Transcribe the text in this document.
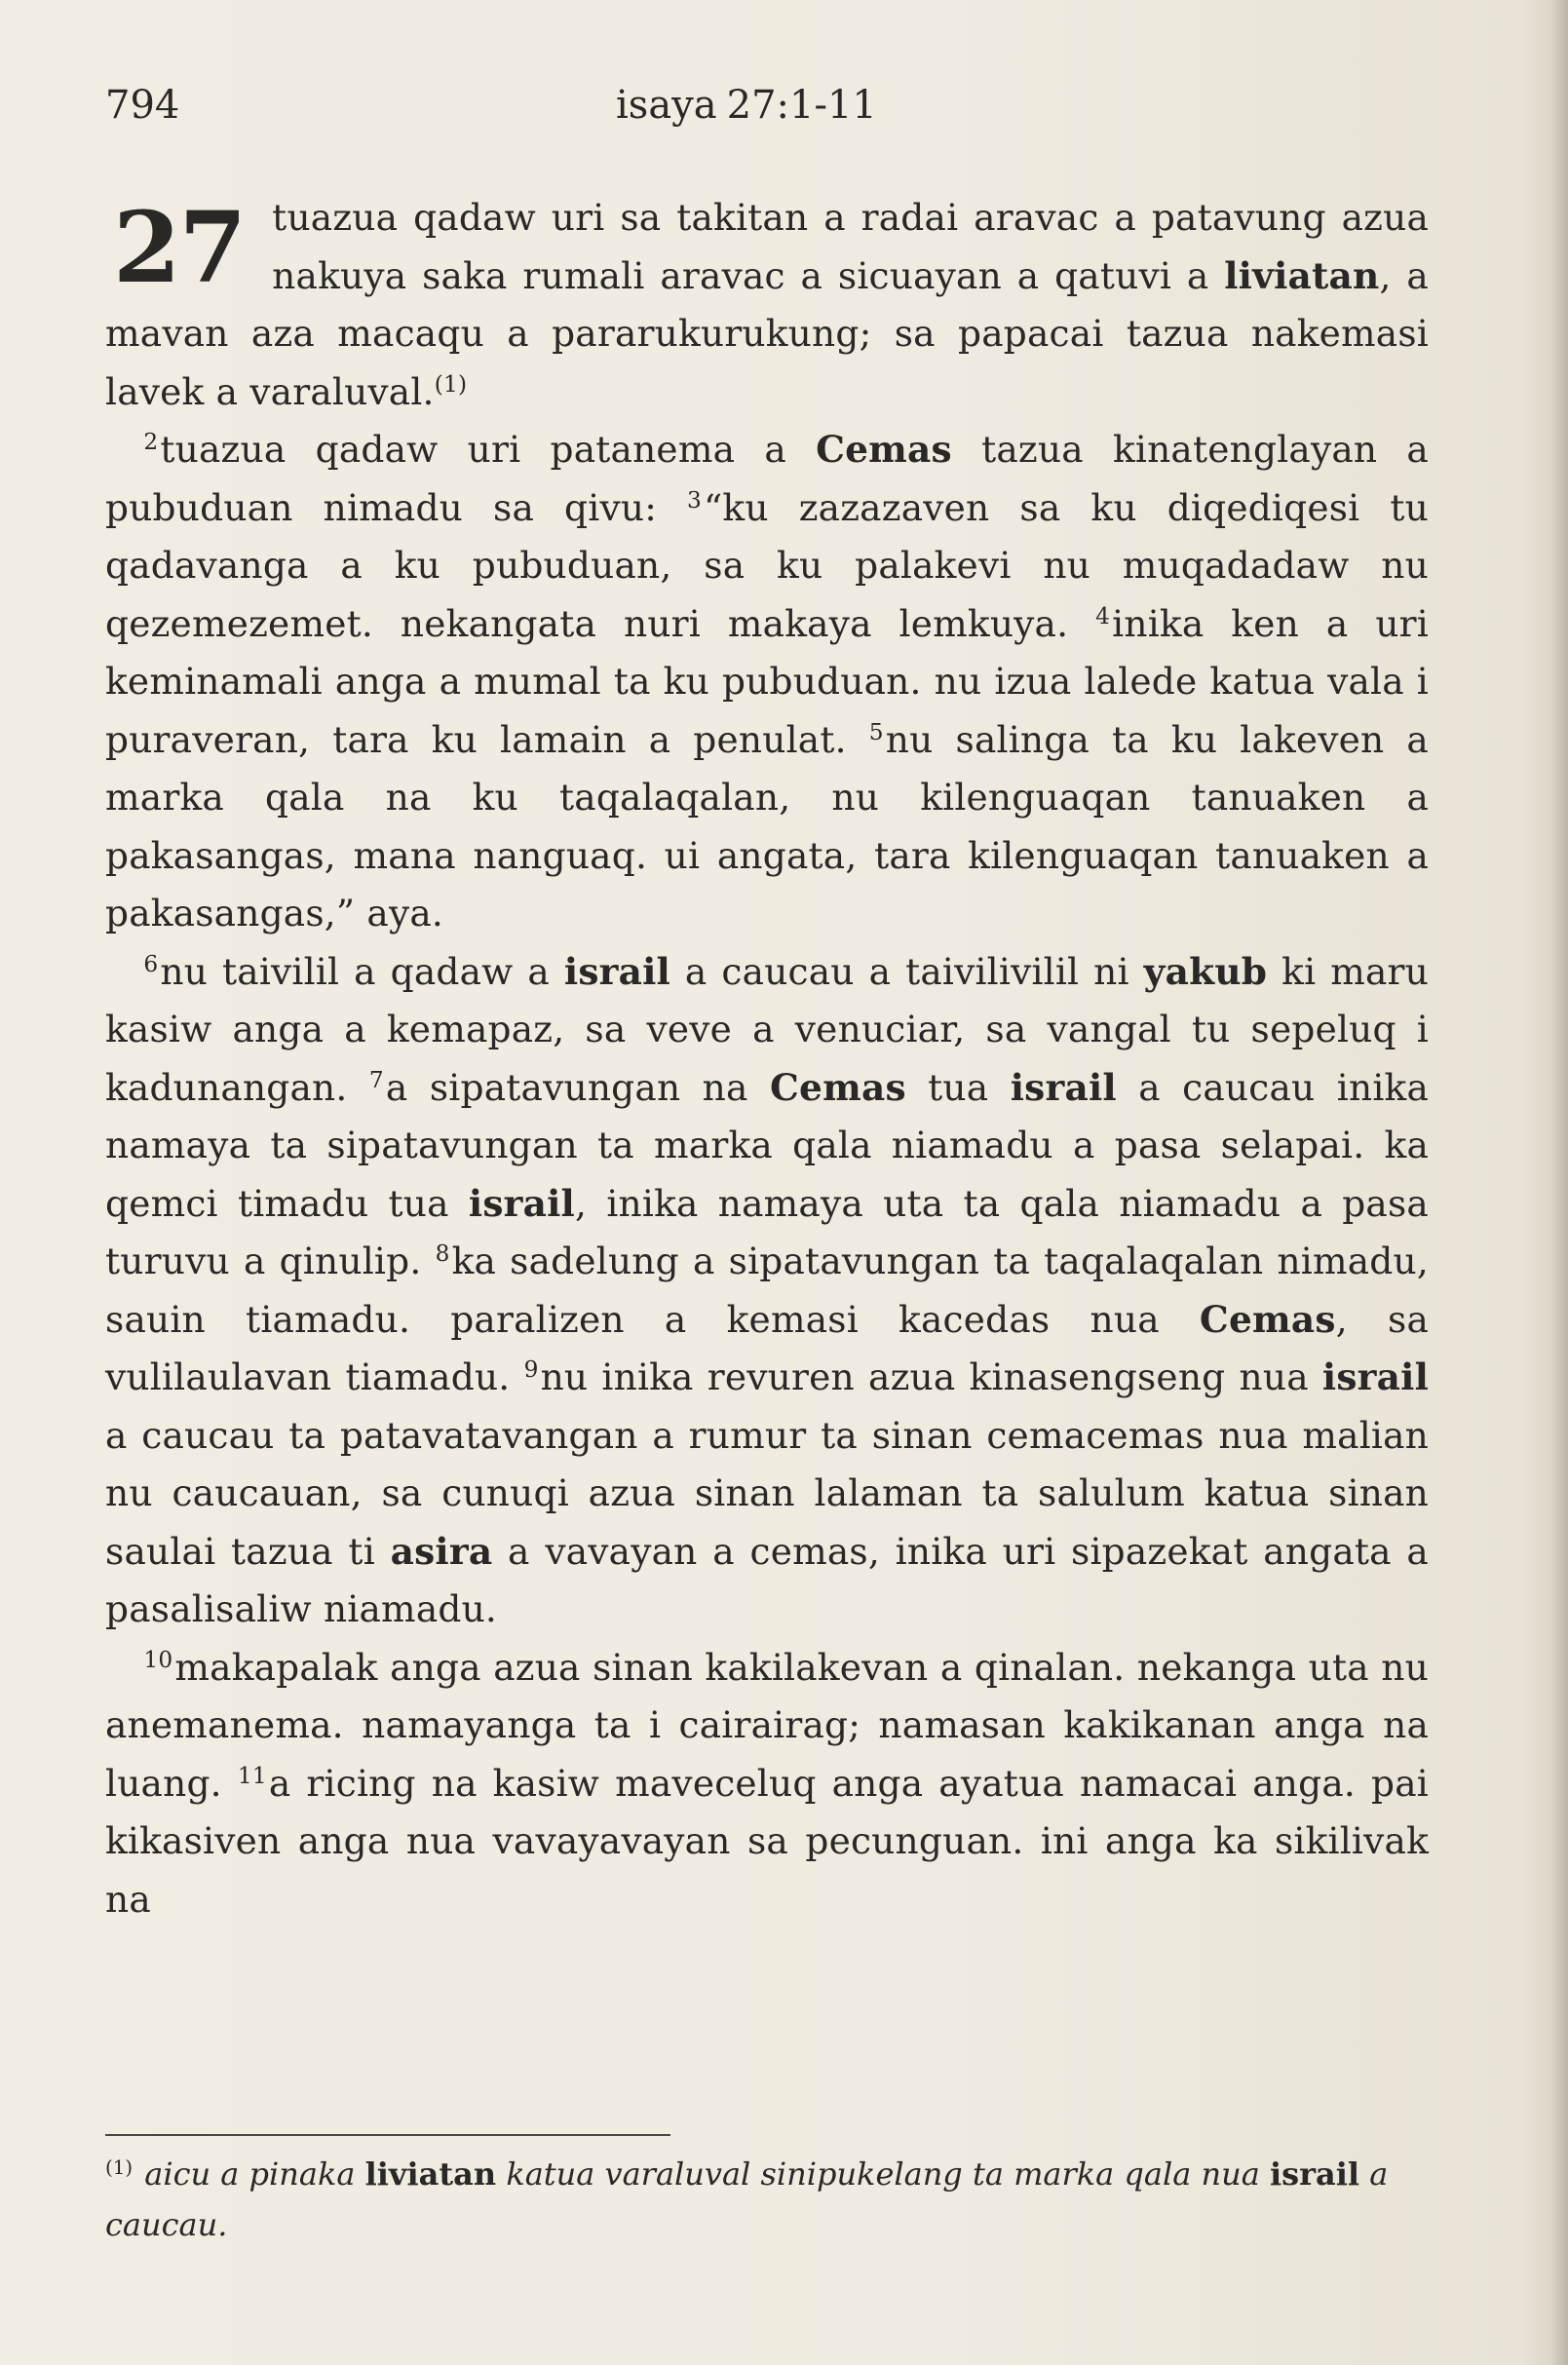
794	isaya 27:1-11

27 tuazua qadaw uri sa takitan a radai aravac a patavung azua nakuya saka rumali aravac a sicuayan a qatuvi a liviatan, a mavan aza macaqu a pararukurukung; sa papacai tazua nakemasi lavek a varaluval.$^{(1)}$

$^2$tuazua qadaw uri patanema a Cemas tazua kinatenglayan a pubuduan nimadu sa qivu: $^3$“ku zazazaven sa ku diqediqesi tu qadavanga a ku pubuduan, sa ku palakevi nu muqadadaw nu qezemezemet. nekangata nuri makaya lemkuya. $^4$inika ken a uri keminamali anga a mumal ta ku pubuduan. nu izua lalede katua vala i puraveran, tara ku lamain a penulat. $^5$nu salinga ta ku lakeven a marka qala na ku taqalaqalan, nu kilenguaqan tanuaken a pakasangas, mana nanguaq. ui angata, tara kilenguaqan tanuaken a pakasangas,” aya.

$^6$nu taivilil a qadaw a israil a caucau a taivilivilil ni yakub ki maru kasiw anga a kemapaz, sa veve a venuciar, sa vangal tu sepeluq i kadunangan. $^7$a sipatavungan na Cemas tua israil a caucau inika namaya ta sipatavungan ta marka qala niamadu a pasa selapai. ka qemci timadu tua israil, inika namaya uta ta qala niamadu a pasa turuvu a qinulip. $^8$ka sadelung a sipatavungan ta taqalaqalan nimadu, sauin tiamadu. paralizen a kemasi kacedas nua Cemas, sa vulilaulavan tiamadu. $^9$nu inika revuren azua kinasengseng nua israil a caucau ta patavatavangan a rumur ta sinan cemacemas nua malian nu caucauan, sa cunuqi azua sinan lalaman ta salulum katua sinan saulai tazua ti asira a vavayan a cemas, inika uri sipazekat angata a pasalisaliw niamadu.

$^{10}$makapalak anga azua sinan kakilakevan a qinalan. nekanga uta nu anemanema. namayanga ta i cairairag; namasan kakikanan anga na luang. $^{11}$a ricing na kasiw maveceluq anga ayatua namacai anga. pai kikasiven anga nua vavayavayan sa pecunguan. ini anga ka sikilivak na

$^{(1)}$ aicu a pinaka liviatan katua varaluval sinipukelang ta marka qala nua israil a caucau.
